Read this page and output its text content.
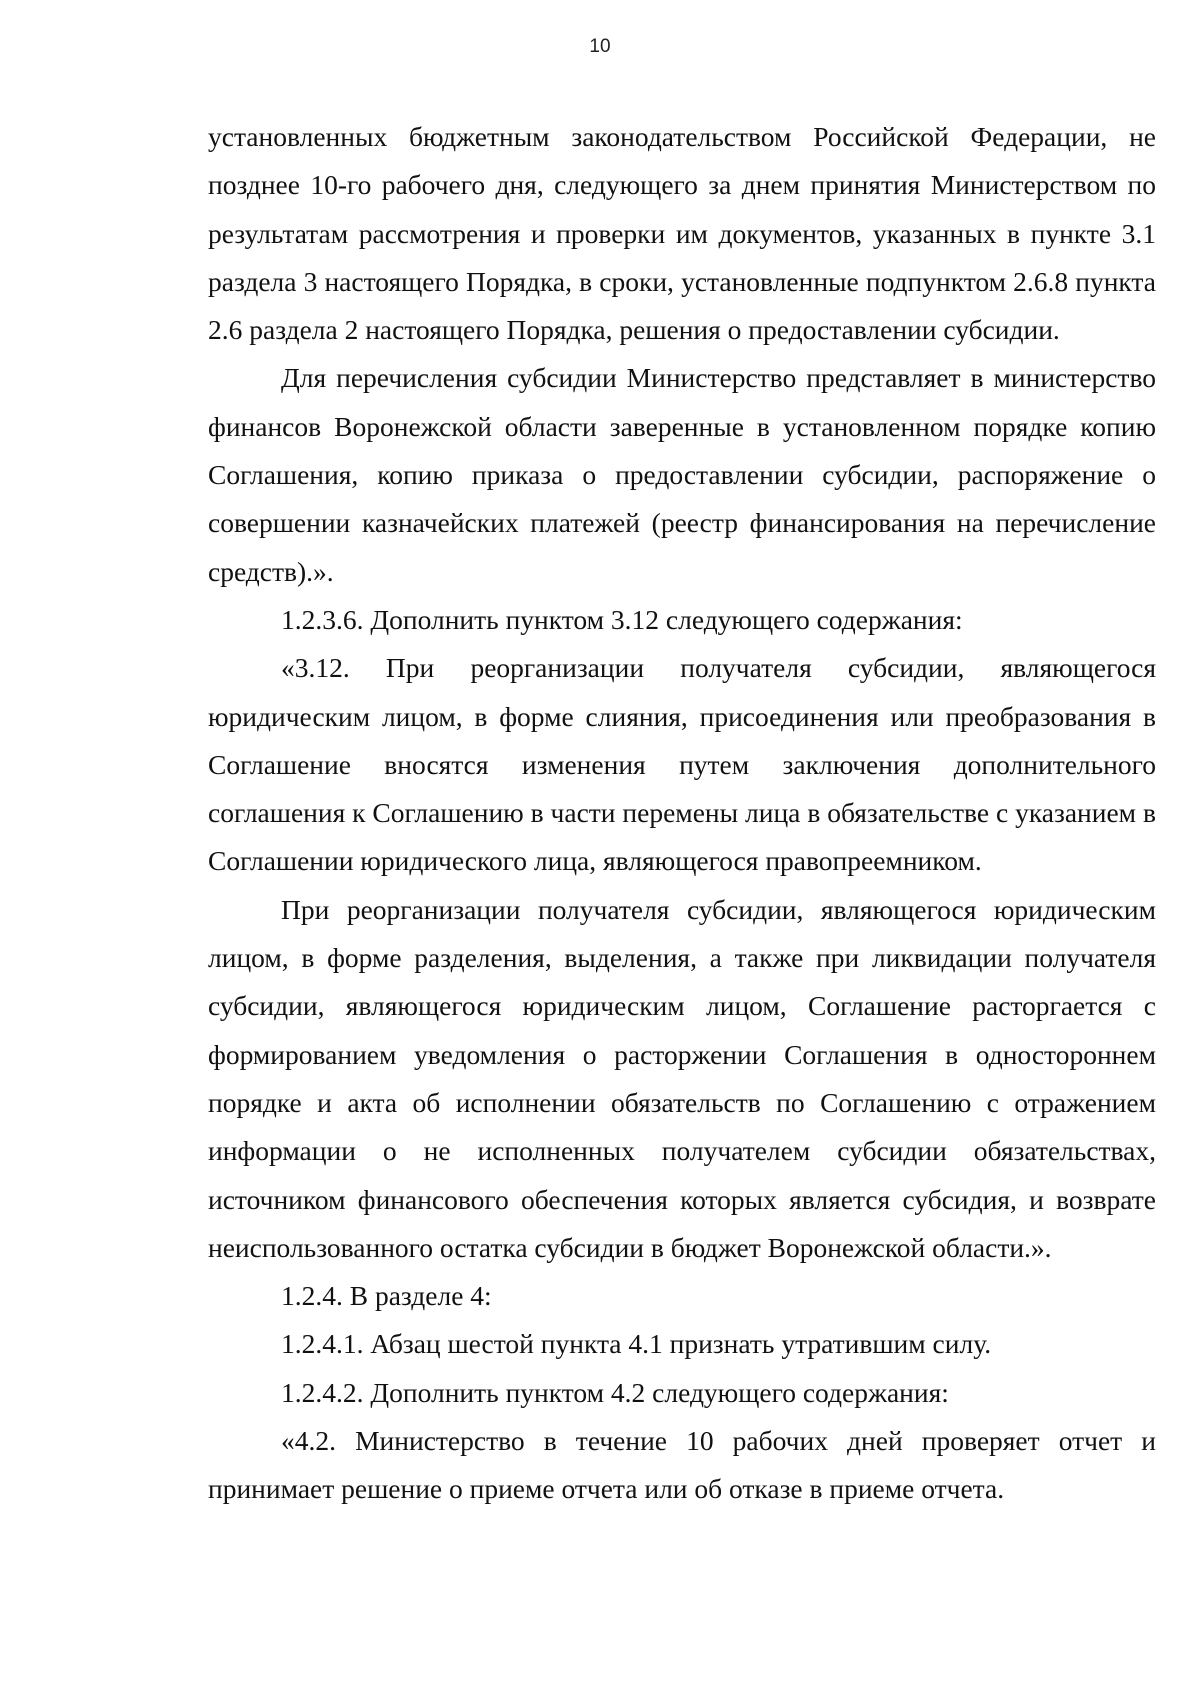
10

установленных бюджетным законодательством Российской Федерации, не позднее 10-го рабочего дня, следующего за днем принятия Министерством по результатам рассмотрения и проверки им документов, указанных в пункте 3.1 раздела 3 настоящего Порядка, в сроки, установленные подпунктом 2.6.8 пункта 2.6 раздела 2 настоящего Порядка, решения о предоставлении субсидии.

Для перечисления субсидии Министерство представляет в министерство финансов Воронежской области заверенные в установленном порядке копию Соглашения, копию приказа о предоставлении субсидии, распоряжение о совершении казначейских платежей (реестр финансирования на перечисление средств).».

1.2.3.6. Дополнить пунктом 3.12 следующего содержания:

«3.12. При реорганизации получателя субсидии, являющегося юридическим лицом, в форме слияния, присоединения или преобразования в Соглашение вносятся изменения путем заключения дополнительного соглашения к Соглашению в части перемены лица в обязательстве с указанием в Соглашении юридического лица, являющегося правопреемником.

При реорганизации получателя субсидии, являющегося юридическим лицом, в форме разделения, выделения, а также при ликвидации получателя субсидии, являющегося юридическим лицом, Соглашение расторгается с формированием уведомления о расторжении Соглашения в одностороннем порядке и акта об исполнении обязательств по Соглашению с отражением информации о не исполненных получателем субсидии обязательствах, источником финансового обеспечения которых является субсидия, и возврате неиспользованного остатка субсидии в бюджет Воронежской области.».

1.2.4. В разделе 4:

1.2.4.1. Абзац шестой пункта 4.1 признать утратившим силу.

1.2.4.2. Дополнить пунктом 4.2 следующего содержания:

«4.2. Министерство в течение 10 рабочих дней проверяет отчет и принимает решение о приеме отчета или об отказе в приеме отчета.
